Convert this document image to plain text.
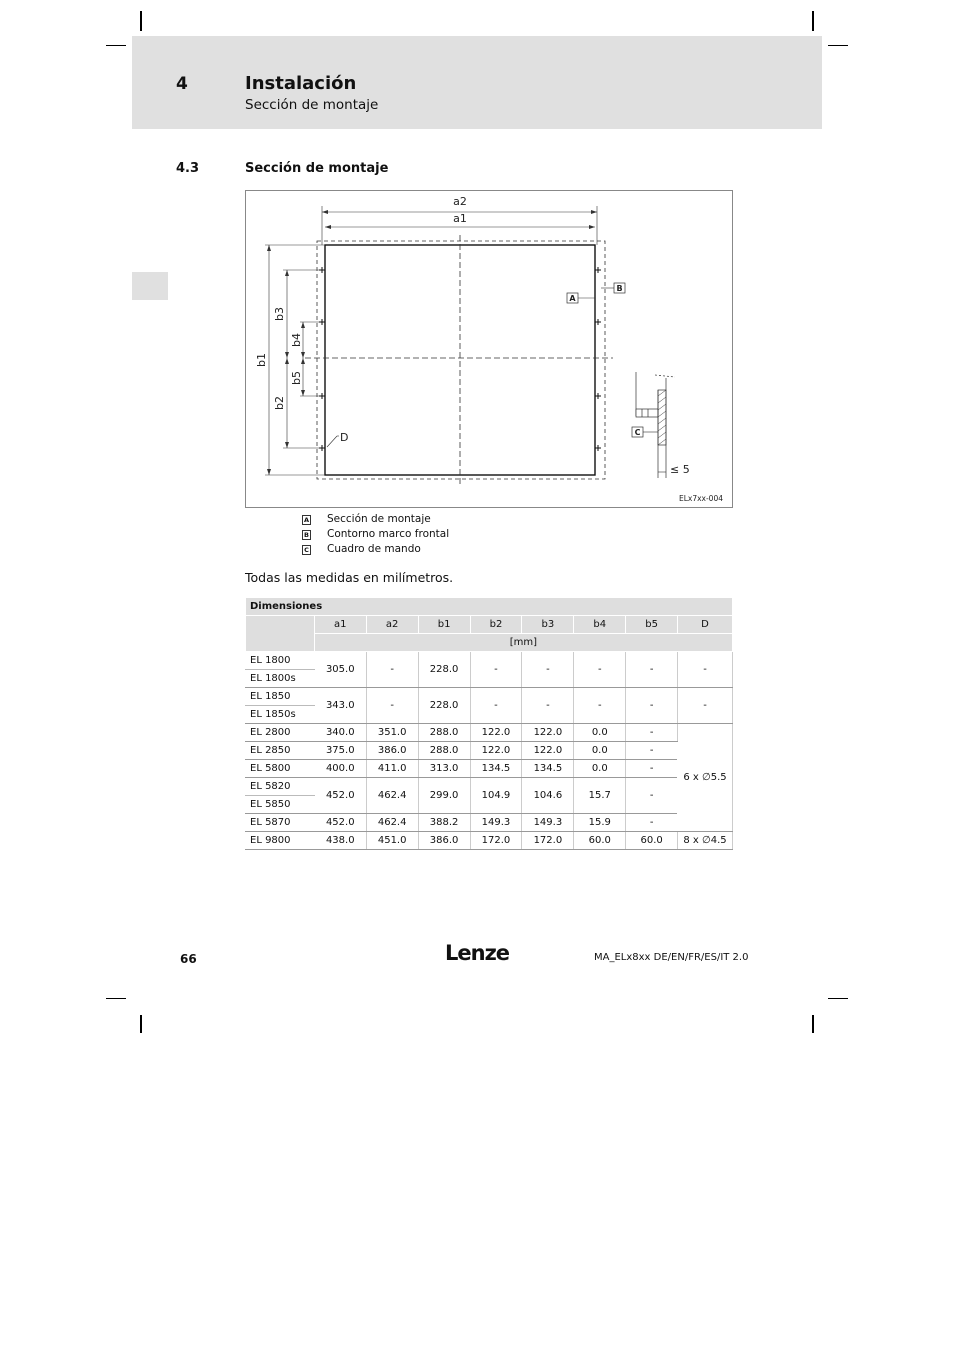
4	Instalación
Sección de montaje
4.3	Sección de montaje
a2
a1
b1
b3
b2
b4
b5
D
A
B
C
≤ 5
ELx7xx-004
A Sección de montaje
B Contorno marco frontal
C Cuadro de mando
Todas las medidas en milímetros.
Dimensiones								
	a1	a2	b1	b2	b3	b4	b5	D
	[mm]							
EL 1800	305.0	-	228.0	-	-	-	-	-
EL 1800s								
EL 1850	343.0	-	228.0	-	-	-	-	-
EL 1850s								
EL 2800	340.0	351.0	288.0	122.0	122.0	0.0	-	6 x ∅5.5
EL 2850	375.0	386.0	288.0	122.0	122.0	0.0	-	
EL 5800	400.0	411.0	313.0	134.5	134.5	0.0	-	
EL 5820	452.0	462.4	299.0	104.9	104.6	15.7	-	
EL 5850								
EL 5870	452.0	462.4	388.2	149.3	149.3	15.9	-	
EL 9800	438.0	451.0	386.0	172.0	172.0	60.0	60.0	8 x ∅4.5
66	Lenze	MA_ELx8xx DE/EN/FR/ES/IT 2.0
